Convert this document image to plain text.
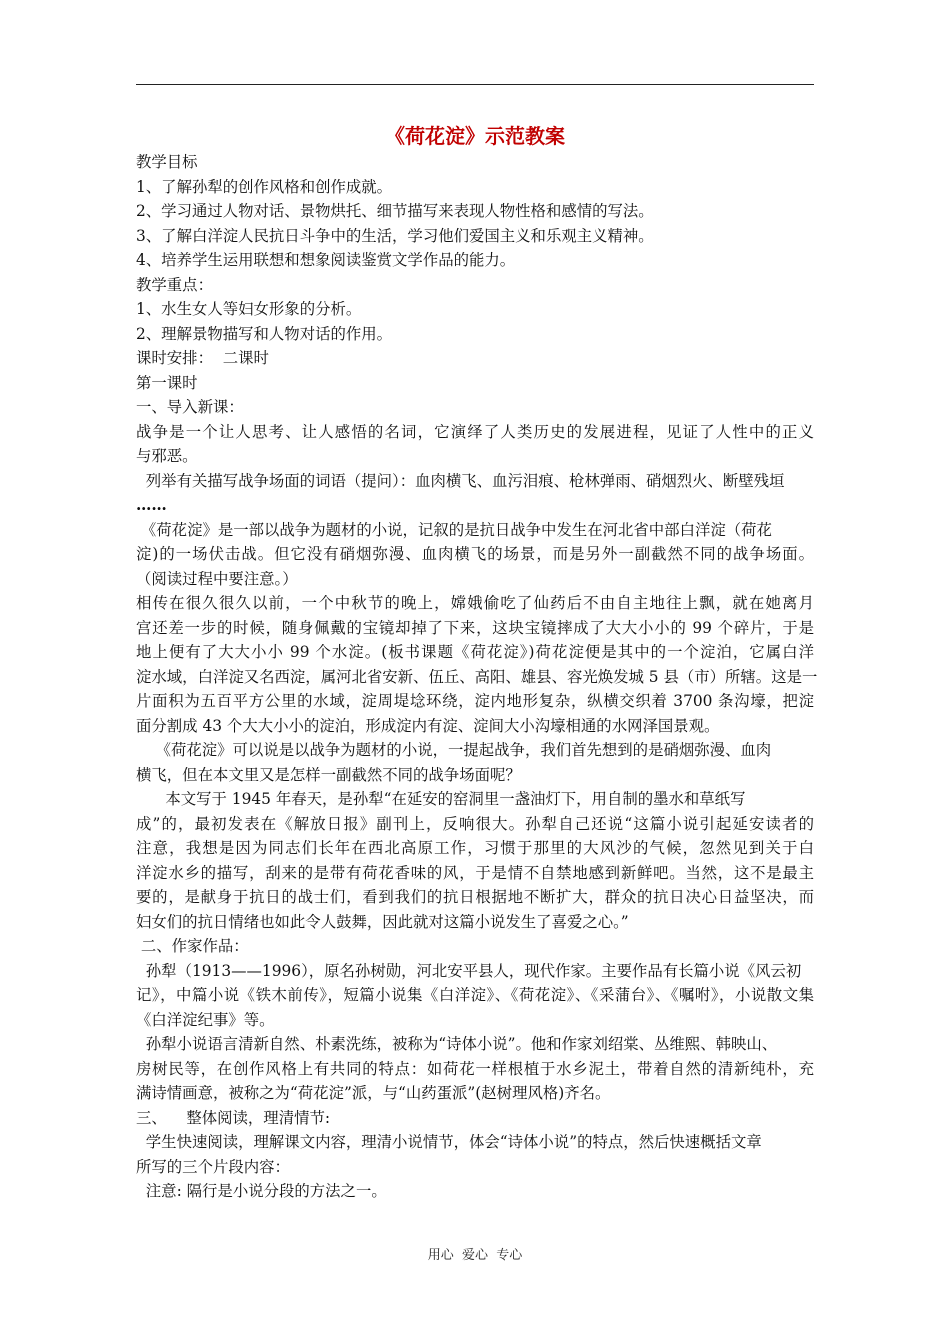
《荷花淀》示范教案
教学目标
1、了解孙犁的创作风格和创作成就。
2、学习通过人物对话、景物烘托、细节描写来表现人物性格和感情的写法。
3、了解白洋淀人民抗日斗争中的生活，学习他们爱国主义和乐观主义精神。
4、培养学生运用联想和想象阅读鉴赏文学作品的能力。
教学重点：
1、水生女人等妇女形象的分析。
2、理解景物描写和人物对话的作用。
课时安排：  二课时
第一课时
一、导入新课：
战争是一个让人思考、让人感悟的名词，它演绎了人类历史的发展进程，见证了人性中的正义
与邪恶。
列举有关描写战争场面的词语（提问）：血肉横飞、血污泪痕、枪林弹雨、硝烟烈火、断壁残垣
……
《荷花淀》是一部以战争为题材的小说，记叙的是抗日战争中发生在河北省中部白洋淀（荷花
淀)的一场伏击战。但它没有硝烟弥漫、血肉横飞的场景，而是另外一副截然不同的战争场面。
（阅读过程中要注意。）
相传在很久很久以前，一个中秋节的晚上，嫦娥偷吃了仙药后不由自主地往上飘，就在她离月
宫还差一步的时候，随身佩戴的宝镜却掉了下来，这块宝镜摔成了大大小小的 99 个碎片，于是
地上便有了大大小小 99 个水淀。(板书课题《荷花淀》)荷花淀便是其中的一个淀泊，它属白洋
淀水域，白洋淀又名西淀，属河北省安新、伍丘、高阳、雄县、容光焕发城 5 县（市）所辖。这是一
片面积为五百平方公里的水域，淀周堤埝环绕，淀内地形复杂，纵横交织着 3700 条沟壕，把淀
面分割成 43 个大大小小的淀泊，形成淀内有淀、淀间大小沟壕相通的水网泽国景观。
《荷花淀》可以说是以战争为题材的小说，一提起战争，我们首先想到的是硝烟弥漫、血肉
横飞，但在本文里又是怎样一副截然不同的战争场面呢？
本文写于 1945 年春天，是孙犁“在延安的窑洞里一盏油灯下，用自制的墨水和草纸写
成”的，最初发表在《解放日报》副刊上，反响很大。孙犁自己还说“这篇小说引起延安读者的
注意，我想是因为同志们长年在西北高原工作，习惯于那里的大风沙的气候，忽然见到关于白
洋淀水乡的描写，刮来的是带有荷花香味的风，于是情不自禁地感到新鲜吧。当然，这不是最主
要的，是献身于抗日的战士们，看到我们的抗日根据地不断扩大，群众的抗日决心日益坚决，而
妇女们的抗日情绪也如此令人鼓舞，因此就对这篇小说发生了喜爱之心。”
二、作家作品：
孙犁（1913——1996），原名孙树勋，河北安平县人，现代作家。主要作品有长篇小说《风云初
记》，中篇小说《铁木前传》，短篇小说集《白洋淀》、《荷花淀》、《采蒲台》、《嘱咐》，小说散文集
《白洋淀纪事》等。
孙犁小说语言清新自然、朴素洗练，被称为“诗体小说”。他和作家刘绍棠、丛维熙、韩映山、
房树民等，在创作风格上有共同的特点：如荷花一样根植于水乡泥土，带着自然的清新纯朴，充
满诗情画意，被称之为“荷花淀”派，与“山药蛋派”(赵树理风格)齐名。
三、    整体阅读，理清情节:
学生快速阅读，理解课文内容，理清小说情节，体会“诗体小说”的特点，然后快速概括文章
所写的三个片段内容：
注意: 隔行是小说分段的方法之一。
用心  爱心  专心
